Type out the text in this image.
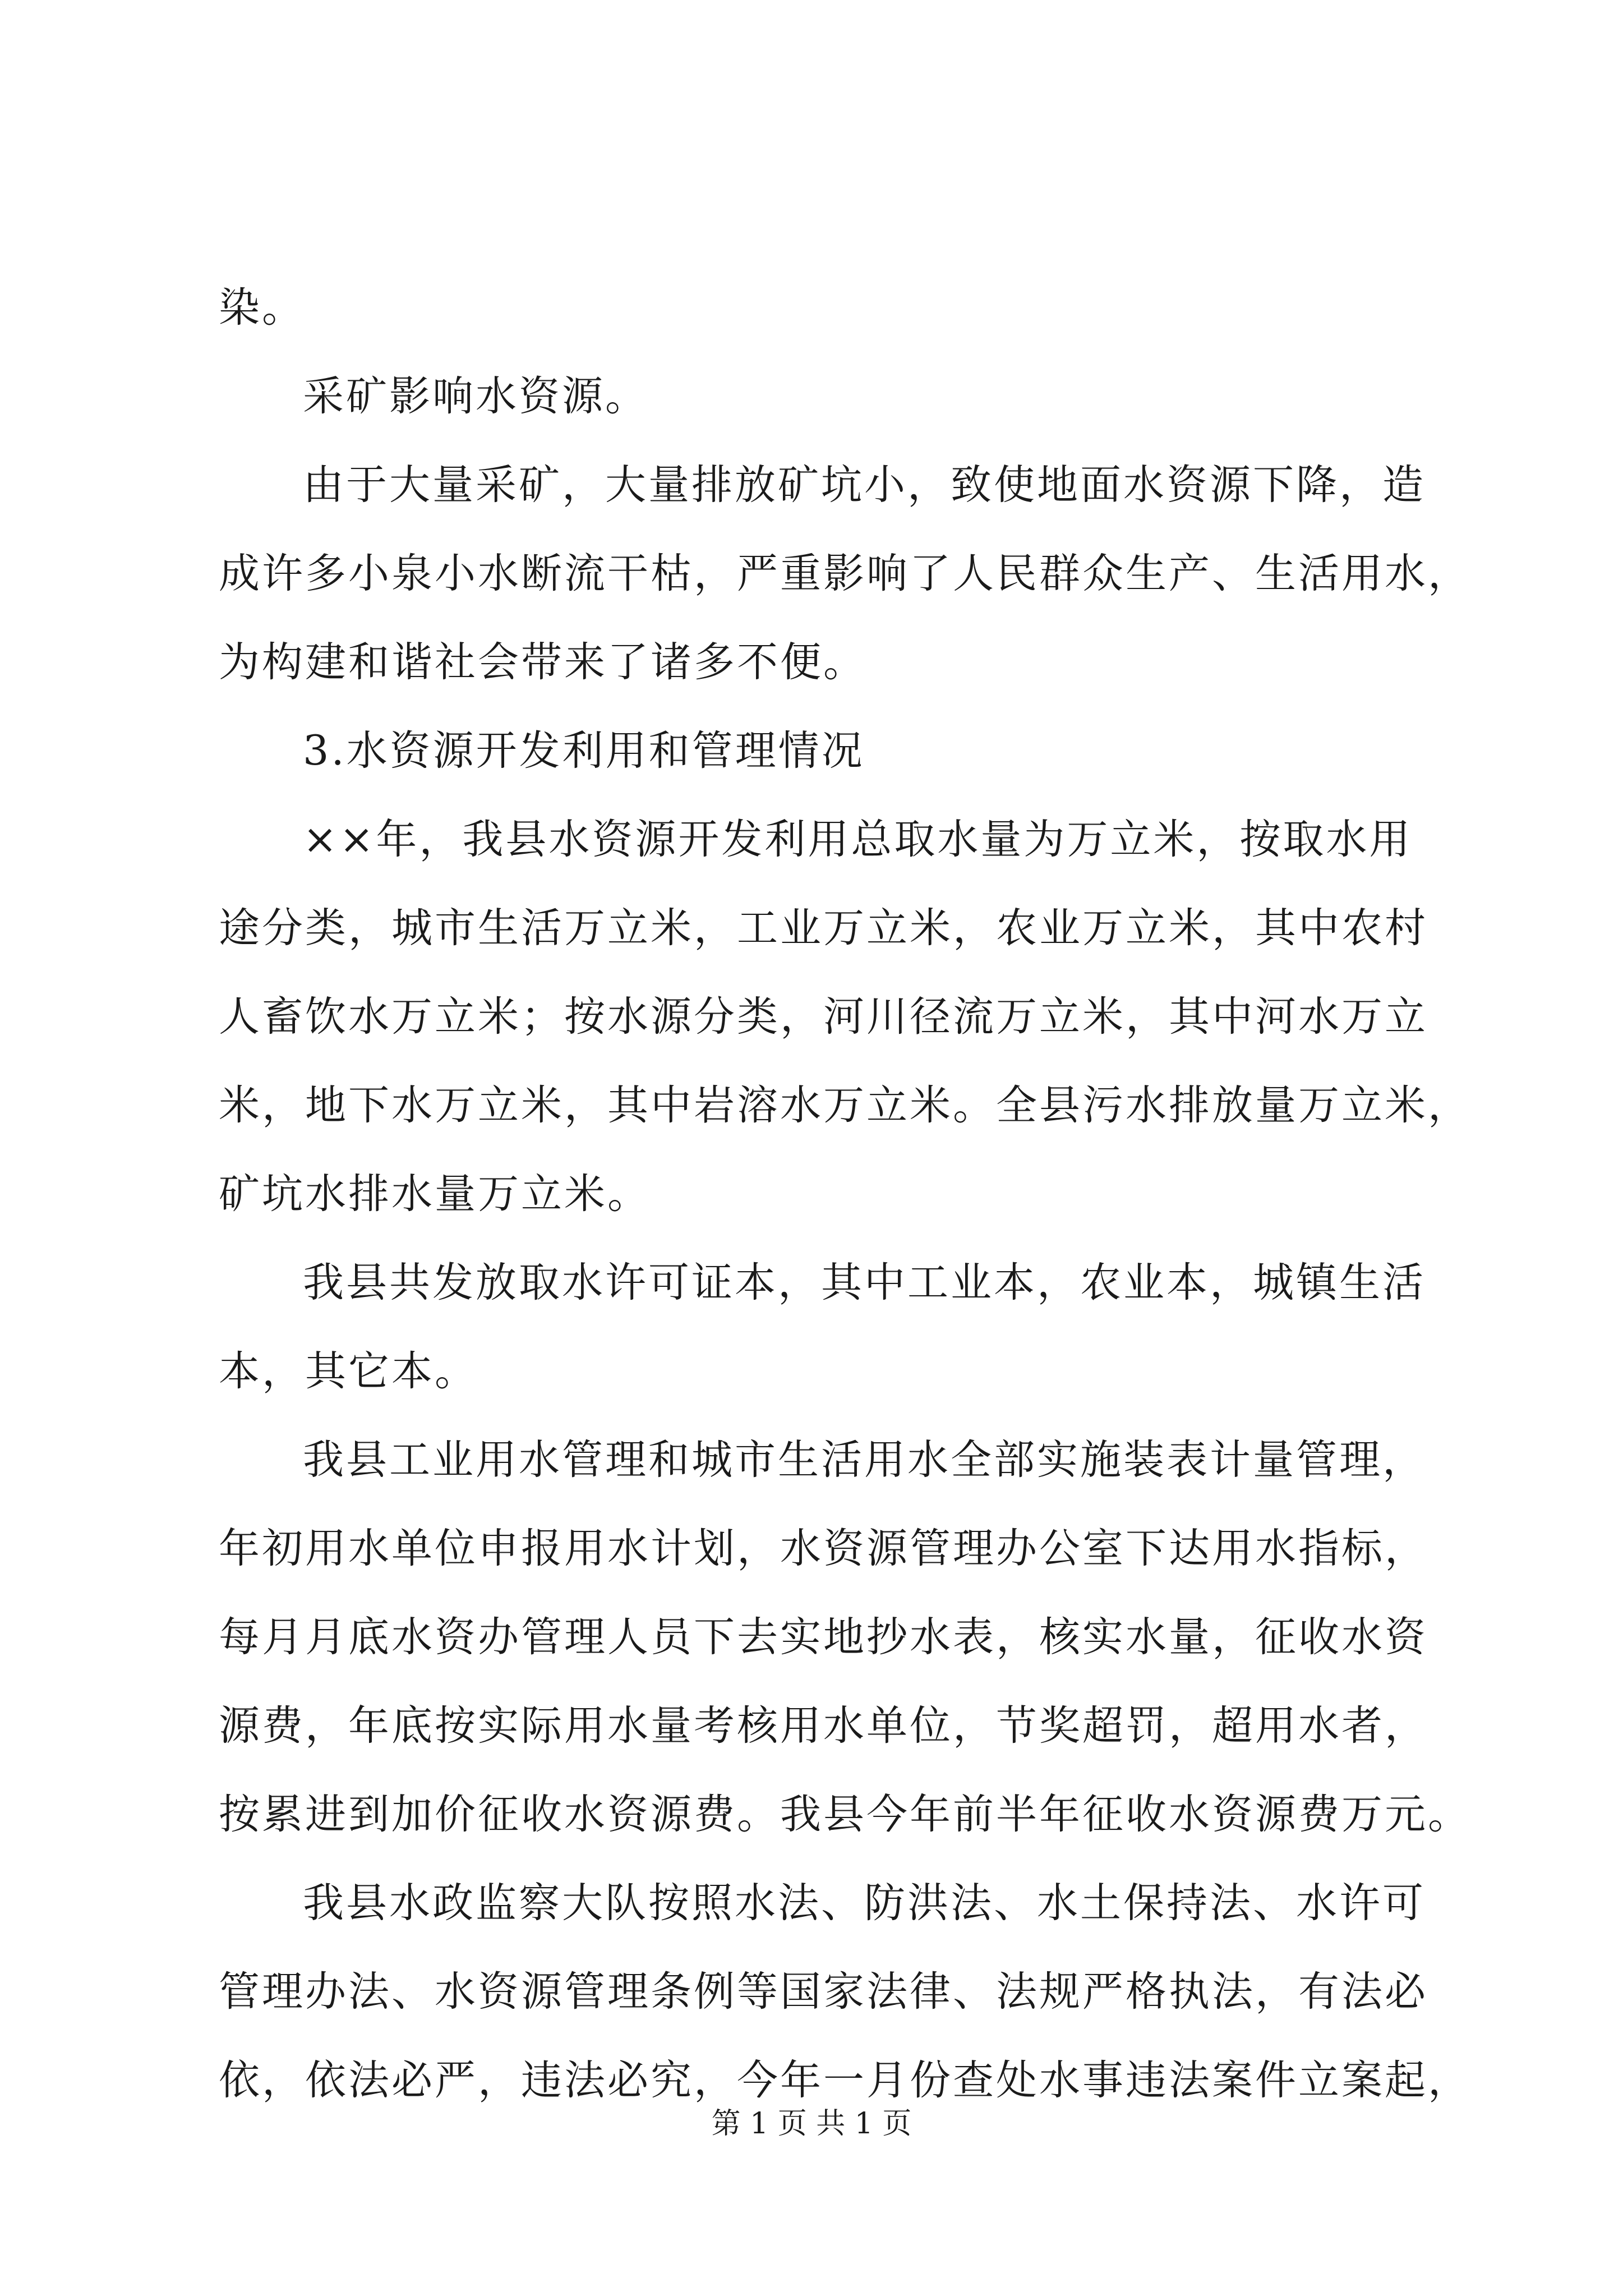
染。
采矿影响水资源。
由于大量采矿，大量排放矿坑小，致使地面水资源下降，造
成许多小泉小水断流干枯，严重影响了人民群众生产、生活用水，
为构建和谐社会带来了诸多不便。
3.水资源开发利用和管理情况
××年，我县水资源开发利用总取水量为万立米，按取水用
途分类，城市生活万立米，工业万立米，农业万立米，其中农村
人畜饮水万立米；按水源分类，河川径流万立米，其中河水万立
米，地下水万立米，其中岩溶水万立米。全县污水排放量万立米，
矿坑水排水量万立米。
我县共发放取水许可证本，其中工业本，农业本，城镇生活
本，其它本。
我县工业用水管理和城市生活用水全部实施装表计量管理，
年初用水单位申报用水计划，水资源管理办公室下达用水指标，
每月月底水资办管理人员下去实地抄水表，核实水量，征收水资
源费，年底按实际用水量考核用水单位，节奖超罚，超用水者，
按累进到加价征收水资源费。我县今年前半年征收水资源费万元。
我县水政监察大队按照水法、防洪法、水土保持法、水许可
管理办法、水资源管理条例等国家法律、法规严格执法，有法必
依，依法必严，违法必究，今年一月份查处水事违法案件立案起，
第 1 页 共 1 页
